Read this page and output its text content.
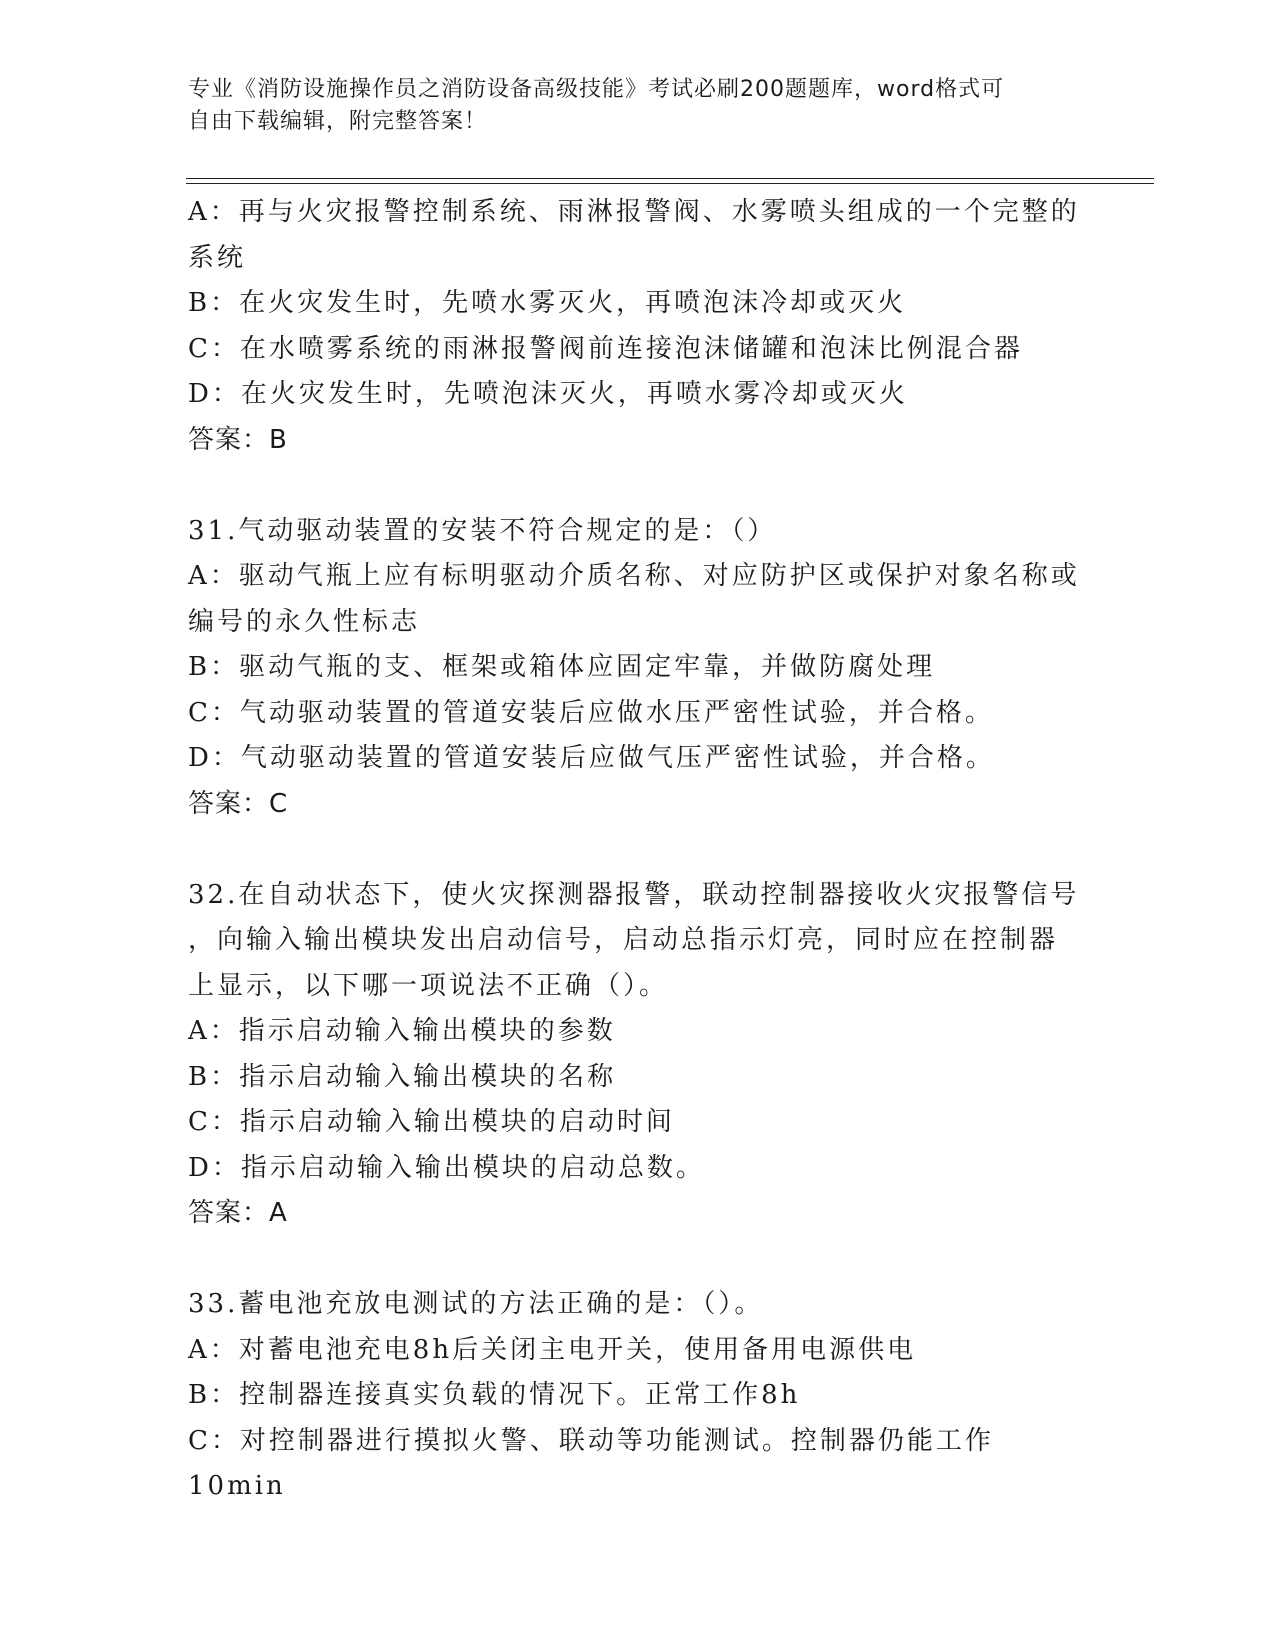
专业《消防设施操作员之消防设备高级技能》考试必刷200题题库，word格式可

自由下载编辑，附完整答案！

A：再与火灾报警控制系统、雨淋报警阀、水雾喷头组成的一个完整的

系统

B：在火灾发生时，先喷水雾灭火，再喷泡沫冷却或灭火

C：在水喷雾系统的雨淋报警阀前连接泡沫储罐和泡沫比例混合器

D：在火灾发生时，先喷泡沫灭火，再喷水雾冷却或灭火

答案：B

31.气动驱动装置的安装不符合规定的是：（）

A：驱动气瓶上应有标明驱动介质名称、对应防护区或保护对象名称或

编号的永久性标志

B：驱动气瓶的支、框架或箱体应固定牢靠，并做防腐处理

C：气动驱动装置的管道安装后应做水压严密性试验，并合格。

D：气动驱动装置的管道安装后应做气压严密性试验，并合格。

答案：C

32.在自动状态下，使火灾探测器报警，联动控制器接收火灾报警信号

，向输入输出模块发出启动信号，启动总指示灯亮，同时应在控制器

上显示，以下哪一项说法不正确（）。

A：指示启动输入输出模块的参数

B：指示启动输入输出模块的名称

C：指示启动输入输出模块的启动时间

D：指示启动输入输出模块的启动总数。

答案：A

33.蓄电池充放电测试的方法正确的是：（）。

A：对蓄电池充电8h后关闭主电开关，使用备用电源供电

B：控制器连接真实负载的情况下。正常工作8h

C：对控制器进行摸拟火警、联动等功能测试。控制器仍能工作10min
